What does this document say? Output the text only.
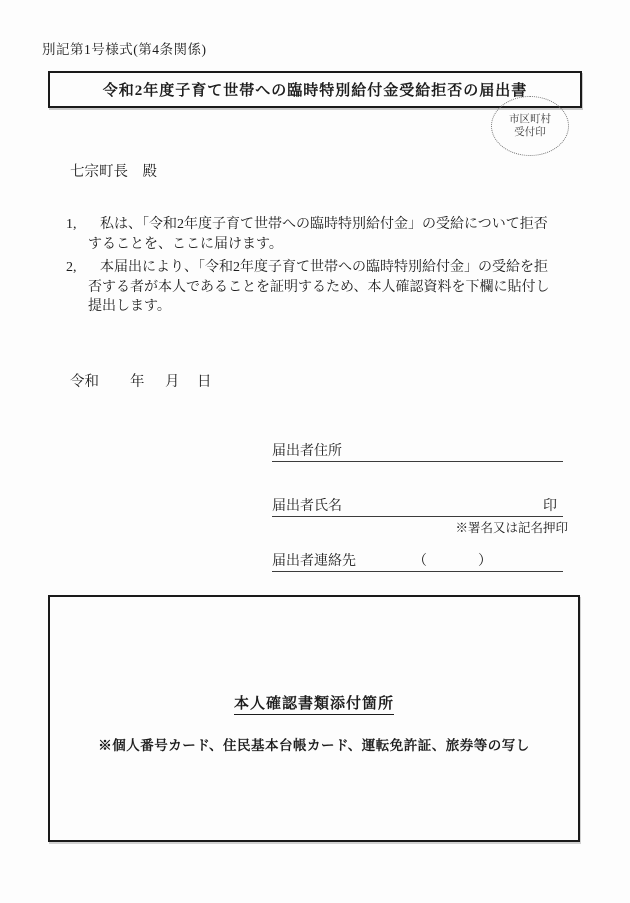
別記第1号様式(第4条関係)
令和2年度子育て世帯への臨時特別給付金受給拒否の届出書
市区町村
受付印
七宗町長　殿
1,	私は、「令和2年度子育て世帯への臨時特別給付金」の受給について拒否
することを、ここに届けます。
2,	本届出により、「令和2年度子育て世帯への臨時特別給付金」の受給を拒
否する者が本人であることを証明するため、本人確認資料を下欄に貼付し
提出します。
令和 年 月 日
届出者住所
届出者氏名	印
※署名又は記名押印
届出者連絡先	（	）
本人確認書類添付箇所
※個人番号カード、住民基本台帳カード、運転免許証、旅券等の写し
